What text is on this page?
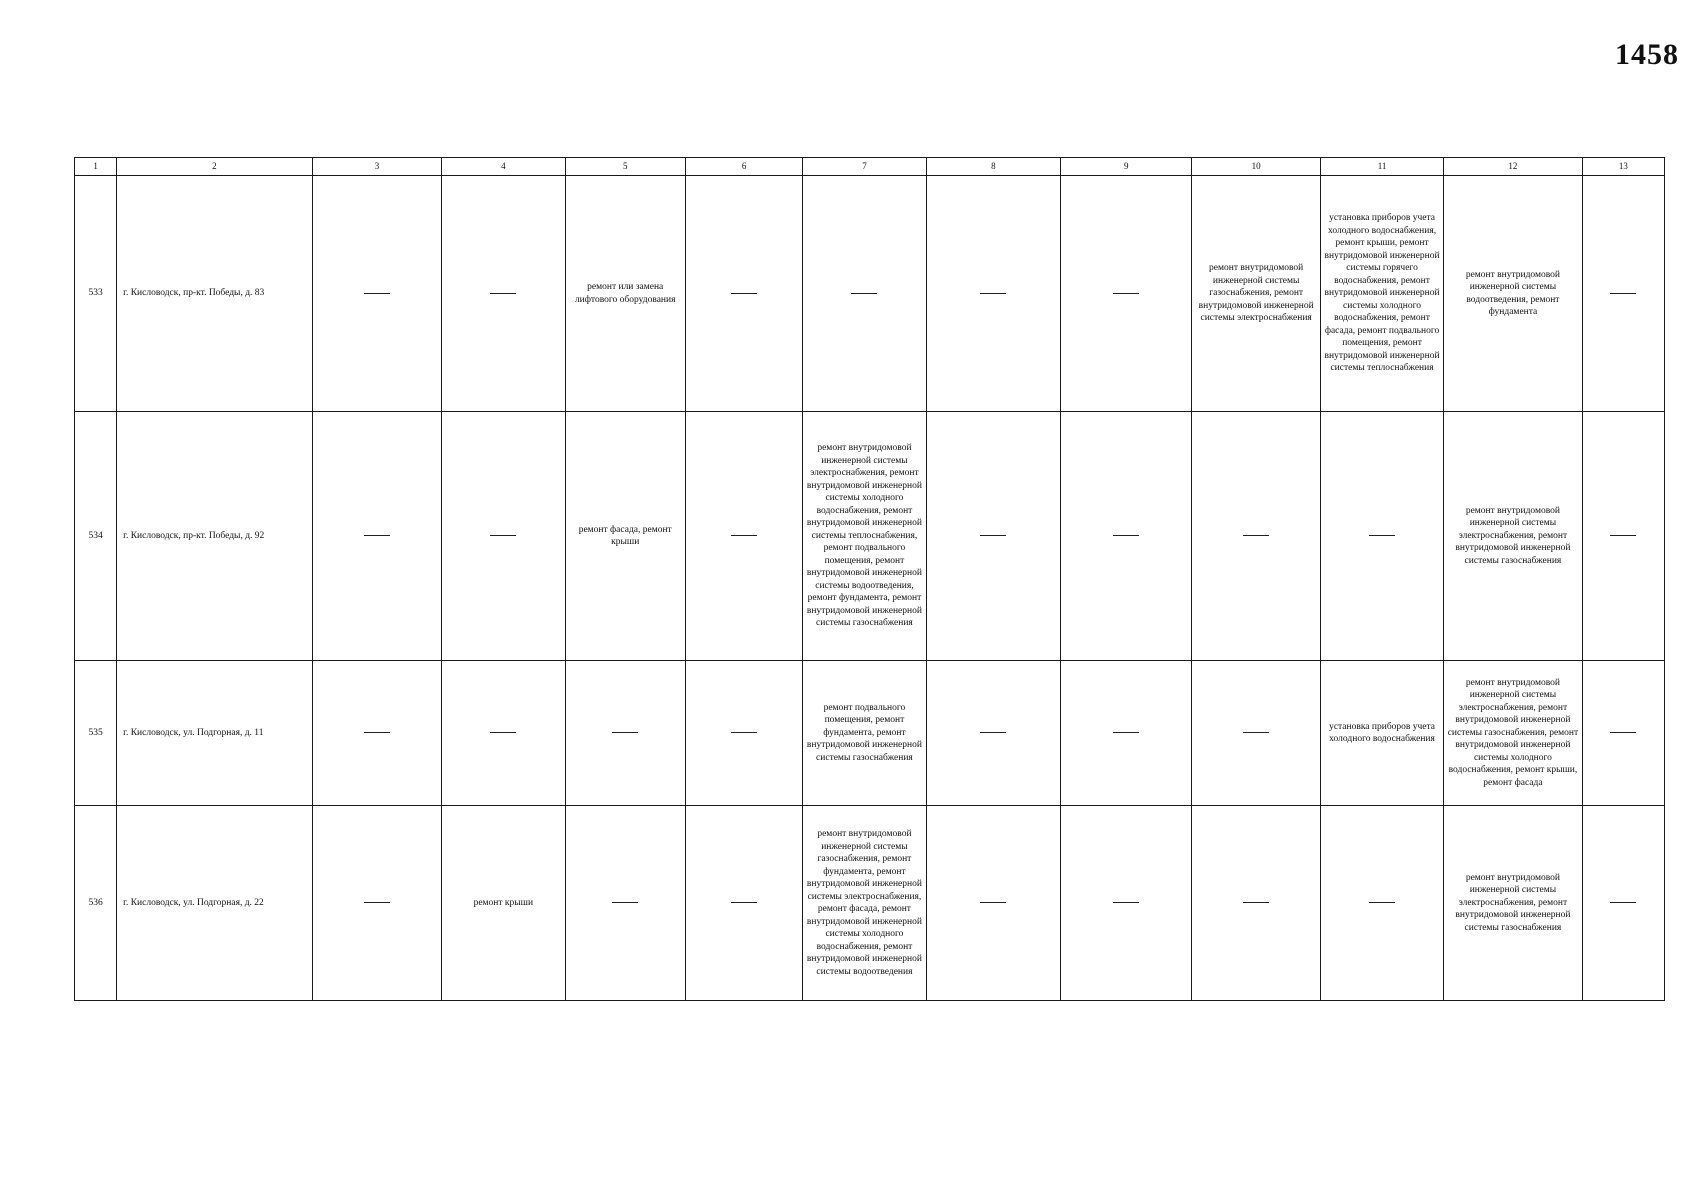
1458
1	2	3	4	5	6	7	8	9	10	11	12	13
533	г. Кисловодск, пр-кт. Победы, д. 83			ремонт или замена лифтового оборудования					ремонт внутридомовой инженерной системы газоснабжения, ремонт внутридомовой инженерной системы электроснабжения	установка приборов учета холодного водоснабжения, ремонт крыши, ремонт внутридомовой инженерной системы горячего водоснабжения, ремонт внутридомовой инженерной системы холодного водоснабжения, ремонт фасада, ремонт подвального помещения, ремонт внутридомовой инженерной системы теплоснабжения	ремонт внутридомовой инженерной системы водоотведения, ремонт фундамента	
534	г. Кисловодск, пр-кт. Победы, д. 92			ремонт фасада, ремонт крыши		ремонт внутридомовой инженерной системы электроснабжения, ремонт внутридомовой инженерной системы холодного водоснабжения, ремонт внутридомовой инженерной системы теплоснабжения, ремонт подвального помещения, ремонт внутридомовой инженерной системы водоотведения, ремонт фундамента, ремонт внутридомовой инженерной системы газоснабжения					ремонт внутридомовой инженерной системы электроснабжения, ремонт внутридомовой инженерной системы газоснабжения	
535	г. Кисловодск, ул. Подгорная, д. 11					ремонт подвального помещения, ремонт фундамента, ремонт внутридомовой инженерной системы газоснабжения				установка приборов учета холодного водоснабжения	ремонт внутридомовой инженерной системы электроснабжения, ремонт внутридомовой инженерной системы газоснабжения, ремонт внутридомовой инженерной системы холодного водоснабжения, ремонт крыши, ремонт фасада	
536	г. Кисловодск, ул. Подгорная, д. 22		ремонт крыши			ремонт внутридомовой инженерной системы газоснабжения, ремонт фундамента, ремонт внутридомовой инженерной системы электроснабжения, ремонт фасада, ремонт внутридомовой инженерной системы холодного водоснабжения, ремонт внутридомовой инженерной системы водоотведения					ремонт внутридомовой инженерной системы электроснабжения, ремонт внутридомовой инженерной системы газоснабжения	
